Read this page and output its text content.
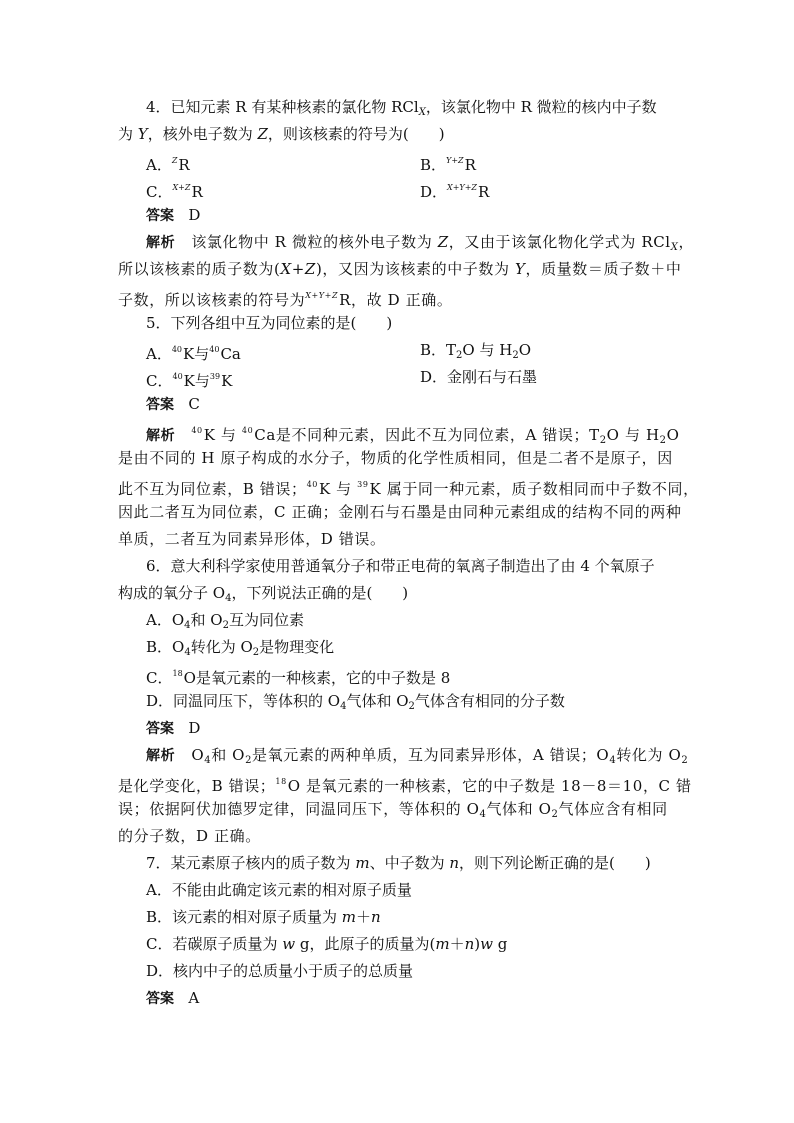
4．已知元素 R 有某种核素的氯化物 RCl$_X$，该氯化物中 R 微粒的核内中子数
为 Y，核外电子数为 Z，则该核素的符号为(　　)
A．$^Z$R	B．$^{Y+Z}$R
C．$^{X+Z}$R	D．$^{X+Y+Z}$R
答案 D
解析 该氯化物中 R 微粒的核外电子数为 Z，又由于该氯化物化学式为 RCl$_X$，
所以该核素的质子数为(X+Z)，又因为该核素的中子数为 Y，质量数＝质子数＋中
子数，所以该核素的符号为$^{X+Y+Z}$R，故 D 正确。
5．下列各组中互为同位素的是(　　)
A．$^{40}$K与$^{40}$Ca	B．$T_2O$ 与 $H_2O$
C．$^{40}$K与$^{39}$K	D．金刚石与石墨
答案 C
解析 $^{40}$K 与 $^{40}$Ca是不同种元素，因此不互为同位素，A 错误；$T_2O$ 与 $H_2O$
是由不同的 H 原子构成的水分子，物质的化学性质相同，但是二者不是原子，因
此不互为同位素，B 错误；$^{40}$K 与 $^{39}$K 属于同一种元素，质子数相同而中子数不同，
因此二者互为同位素，C 正确；金刚石与石墨是由同种元素组成的结构不同的两种
单质，二者互为同素异形体，D 错误。
6．意大利科学家使用普通氧分子和带正电荷的氧离子制造出了由 4 个氧原子
构成的氧分子 $O_4$，下列说法正确的是(　　)
A．$O_4$和 $O_2$互为同位素
B．$O_4$转化为 $O_2$是物理变化
C．$^{18}$O是氧元素的一种核素，它的中子数是 8
D．同温同压下，等体积的 $O_4$气体和 $O_2$气体含有相同的分子数
答案 D
解析 $O_4$和 $O_2$是氧元素的两种单质，互为同素异形体，A 错误；$O_4$转化为 $O_2$
是化学变化，B 错误；$^{18}$O 是氧元素的一种核素，它的中子数是 18－8＝10，C 错
误；依据阿伏加德罗定律，同温同压下，等体积的 $O_4$气体和 $O_2$气体应含有相同
的分子数，D 正确。
7．某元素原子核内的质子数为 m、中子数为 n，则下列论断正确的是(　　)
A．不能由此确定该元素的相对原子质量
B．该元素的相对原子质量为 m＋n
C．若碳原子质量为 w g，此原子的质量为(m＋n)w g
D．核内中子的总质量小于质子的总质量
答案 A
